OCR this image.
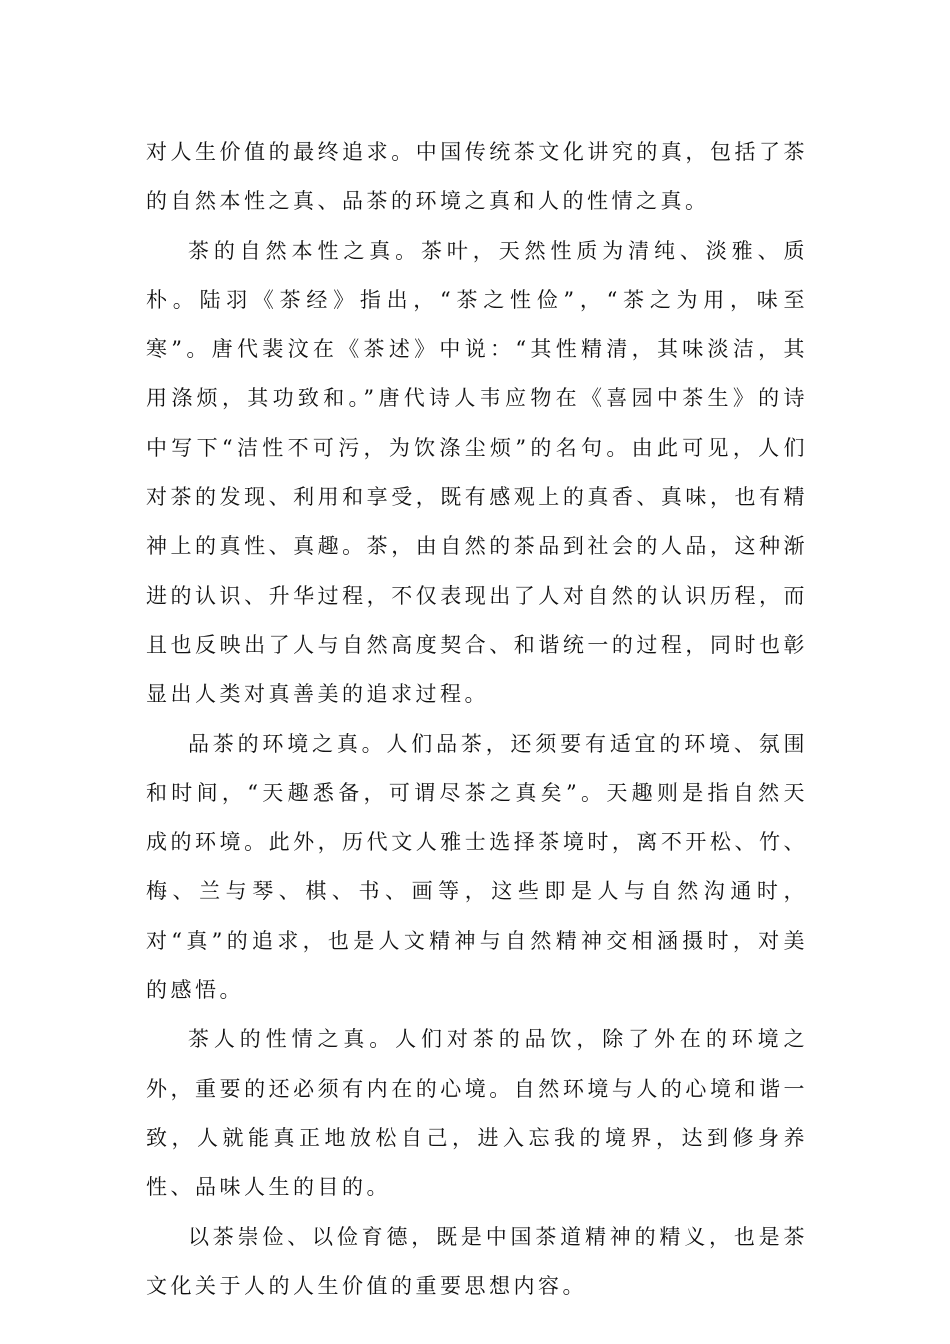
对人生价值的最终追求。中国传统茶文化讲究的真，包括了茶的自然本性之真、品茶的环境之真和人的性情之真。

茶的自然本性之真。茶叶，天然性质为清纯、淡雅、质朴。陆羽《茶经》指出，“茶之性俭”，“茶之为用，味至寒”。唐代裴汶在《茶述》中说：“其性精清，其味淡洁，其用涤烦，其功致和。”唐代诗人韦应物在《喜园中茶生》的诗中写下“洁性不可污，为饮涤尘烦”的名句。由此可见，人们对茶的发现、利用和享受，既有感观上的真香、真味，也有精神上的真性、真趣。茶，由自然的茶品到社会的人品，这种渐进的认识、升华过程，不仅表现出了人对自然的认识历程，而且也反映出了人与自然高度契合、和谐统一的过程，同时也彰显出人类对真善美的追求过程。

品茶的环境之真。人们品茶，还须要有适宜的环境、氛围和时间，“天趣悉备，可谓尽茶之真矣”。天趣则是指自然天成的环境。此外，历代文人雅士选择茶境时，离不开松、竹、梅、兰与琴、棋、书、画等，这些即是人与自然沟通时，对“真”的追求，也是人文精神与自然精神交相涵摄时，对美的感悟。

茶人的性情之真。人们对茶的品饮，除了外在的环境之外，重要的还必须有内在的心境。自然环境与人的心境和谐一致，人就能真正地放松自己，进入忘我的境界，达到修身养性、品味人生的目的。

以茶崇俭、以俭育德，既是中国茶道精神的精义，也是茶文化关于人的人生价值的重要思想内容。
